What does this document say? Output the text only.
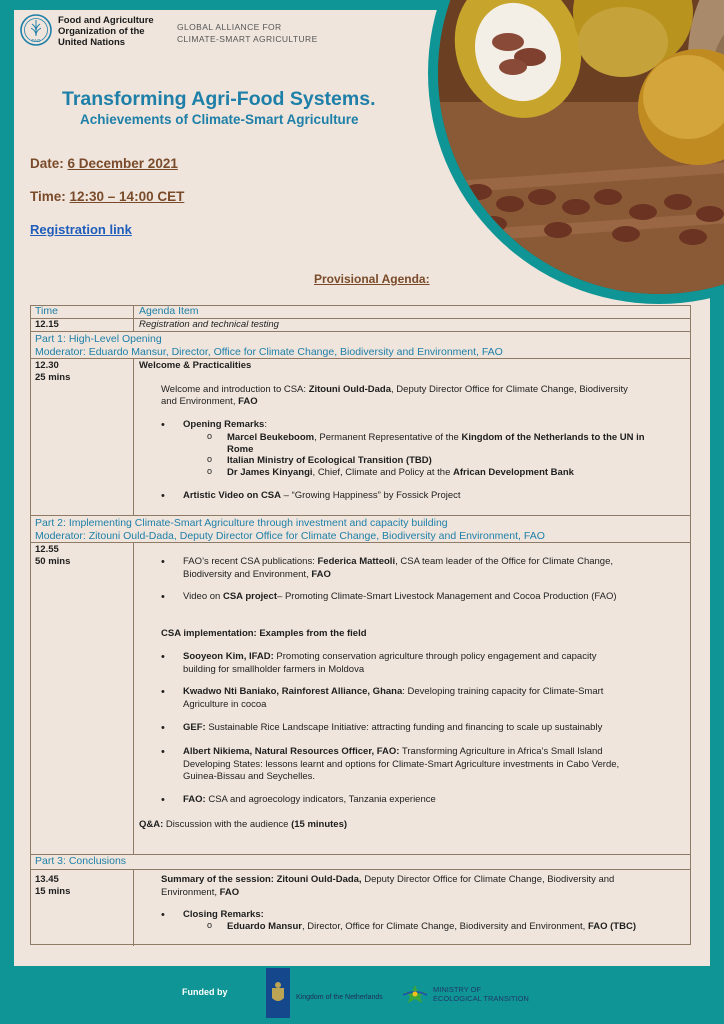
FAO
Food and Agriculture
Organization of the
United Nations
GLOBAL ALLIANCE FOR
CLIMATE-SMART AGRICULTURE
Transforming Agri-Food Systems.
Achievements of Climate-Smart Agriculture
Date: 6 December 2021
Time: 12:30 – 14:00 CET
Registration link
Provisional Agenda:
Time	Agenda Item
12.15	Registration and technical testing
Part 1: High-Level Opening
Moderator: Eduardo Mansur, Director, Office for Climate Change, Biodiversity and Environment, FAO
12.30
25 mins
Welcome & Practicalities
Welcome and introduction to CSA: Zitouni Ould-Dada, Deputy Director Office for Climate Change, Biodiversity
and Environment, FAO
• Opening Remarks:
o Marcel Beukeboom, Permanent Representative of the Kingdom of the Netherlands to the UN in
Rome
o Italian Ministry of Ecological Transition (TBD)
o Dr James Kinyangi, Chief, Climate and Policy at the African Development Bank
• Artistic Video on CSA – “Growing Happiness” by Fossick Project
Part 2: Implementing Climate-Smart Agriculture through investment and capacity building
Moderator: Zitouni Ould-Dada, Deputy Director Office for Climate Change, Biodiversity and Environment, FAO
12.55
50 mins
•	FAO’s recent CSA publications: Federica Matteoli, CSA team leader of the Office for Climate Change,
Biodiversity and Environment, FAO
• Video on CSA project– Promoting Climate-Smart Livestock Management and Cocoa Production (FAO)
CSA implementation: Examples from the field
• Sooyeon Kim, IFAD: Promoting conservation agriculture through policy engagement and capacity
building for smallholder farmers in Moldova
• Kwadwo Nti Baniako, Rainforest Alliance, Ghana: Developing training capacity for Climate-Smart
Agriculture in cocoa
• GEF: Sustainable Rice Landscape Initiative: attracting funding and financing to scale up sustainably
• Albert Nikiema, Natural Resources Officer, FAO: Transforming Agriculture in Africa’s Small Island
Developing States: lessons learnt and options for Climate-Smart Agriculture investments in Cabo Verde,
Guinea-Bissau and Seychelles.
• FAO: CSA and agroecology indicators, Tanzania experience
Q&A: Discussion with the audience (15 minutes)
Part 3: Conclusions
13.45
15 mins
Summary of the session: Zitouni Ould-Dada, Deputy Director Office for Climate Change, Biodiversity and
Environment, FAO
• Closing Remarks:
o Eduardo Mansur, Director, Office for Climate Change, Biodiversity and Environment, FAO (TBC)
Funded by
Kingdom of the Netherlands
MINISTRY OF
ECOLOGICAL TRANSITION
